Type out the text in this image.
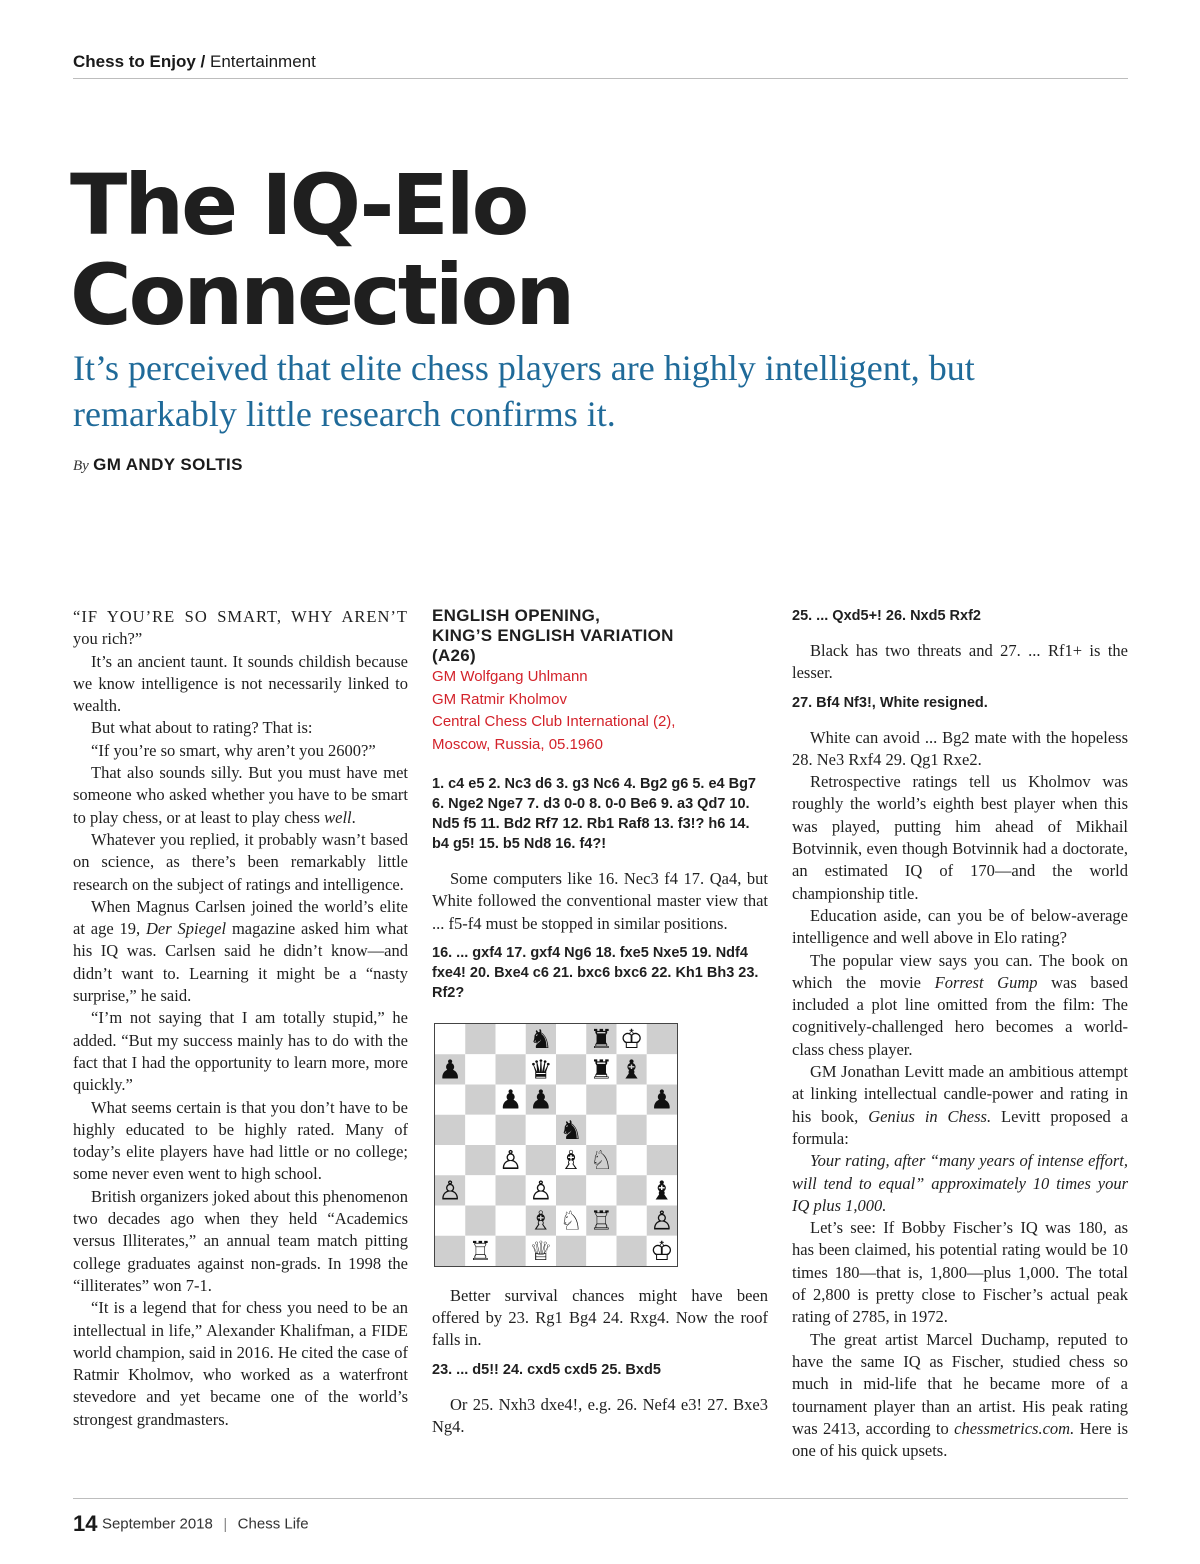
Chess to Enjoy / Entertainment
The IQ-Elo
Connection

It’s perceived that elite chess players are highly intelligent, but remarkably little research confirms it.

By GM ANDY SOLTIS

“IF YOU’RE SO SMART, WHY AREN’T you rich?”

It’s an ancient taunt. It sounds childish because we know intelligence is not necessarily linked to wealth.

But what about to rating? That is:

“If you’re so smart, why aren’t you 2600?”

That also sounds silly. But you must have met someone who asked whether you have to be smart to play chess, or at least to play chess well.

Whatever you replied, it probably wasn’t based on science, as there’s been remarkably little research on the subject of ratings and intelligence.

When Magnus Carlsen joined the world’s elite at age 19, Der Spiegel magazine asked him what his IQ was. Carlsen said he didn’t know—and didn’t want to. Learning it might be a “nasty surprise,” he said.

“I’m not saying that I am totally stupid,” he added. “But my success mainly has to do with the fact that I had the opportunity to learn more, more quickly.”

What seems certain is that you don’t have to be highly educated to be highly rated. Many of today’s elite players have had little or no college; some never even went to high school.

British organizers joked about this phenomenon two decades ago when they held “Academics versus Illiterates,” an annual team match pitting college graduates against non-grads. In 1998 the “illiterates” won 7-1.

“It is a legend that for chess you need to be an intellectual in life,” Alexander Khalifman, a FIDE world champion, said in 2016. He cited the case of Ratmir Kholmov, who worked as a waterfront stevedore and yet became one of the world’s strongest grandmasters.

ENGLISH OPENING,
KING’S ENGLISH VARIATION
(A26)
GM Wolfgang Uhlmann
GM Ratmir Kholmov
Central Chess Club International (2),
Moscow, Russia, 05.1960

1. c4 e5 2. Nc3 d6 3. g3 Nc6 4. Bg2 g6 5. e4 Bg7 6. Nge2 Nge7 7. d3 0-0 8. 0-0 Be6 9. a3 Qd7 10. Nd5 f5 11. Bd2 Rf7 12. Rb1 Raf8 13. f3!? h6 14. b4 g5! 15. b5 Nd8 16. f4?!

Some computers like 16. Nec3 f4 17. Qa4, but White followed the conventional master view that ... f5-f4 must be stopped in similar positions.

16. ... gxf4 17. gxf4 Ng6 18. fxe5 Nxe5 19. Ndf4 fxe4! 20. Bxe4 c6 21. bxc6 bxc6 22. Kh1 Bh3 23. Rf2?

♞ ♜ ♔
♟	♛ ♜ ♝
♟ ♟	♟
♞
♙ ♗ ♘
♙	♙	♝
♗ ♘ ♖ ♙
♖ ♕	♔

Better survival chances might have been offered by 23. Rg1 Bg4 24. Rxg4. Now the roof falls in.

23. ... d5!! 24. cxd5 cxd5 25. Bxd5

Or 25. Nxh3 dxe4!, e.g. 26. Nef4 e3! 27. Bxe3 Ng4.

25. ... Qxd5+! 26. Nxd5 Rxf2

Black has two threats and 27. ... Rf1+ is the lesser.

27. Bf4 Nf3!, White resigned.

White can avoid ... Bg2 mate with the hopeless 28. Ne3 Rxf4 29. Qg1 Rxe2.

Retrospective ratings tell us Kholmov was roughly the world’s eighth best player when this was played, putting him ahead of Mikhail Botvinnik, even though Botvinnik had a doctorate, an estimated IQ of 170—and the world championship title.

Education aside, can you be of below-average intelligence and well above in Elo rating?

The popular view says you can. The book on which the movie Forrest Gump was based included a plot line omitted from the film: The cognitively-challenged hero becomes a world-class chess player.

GM Jonathan Levitt made an ambitious attempt at linking intellectual candle-power and rating in his book, Genius in Chess. Levitt proposed a formula:

Your rating, after “many years of intense effort, will tend to equal” approximately 10 times your IQ plus 1,000.

Let’s see: If Bobby Fischer’s IQ was 180, as has been claimed, his potential rating would be 10 times 180—that is, 1,800—plus 1,000. The total of 2,800 is pretty close to Fischer’s actual peak rating of 2785, in 1972.

The great artist Marcel Duchamp, reputed to have the same IQ as Fischer, studied chess so much in mid-life that he became more of a tournament player than an artist. His peak rating was 2413, according to chessmetrics.com. Here is one of his quick upsets.

14 September 2018 | Chess Life
